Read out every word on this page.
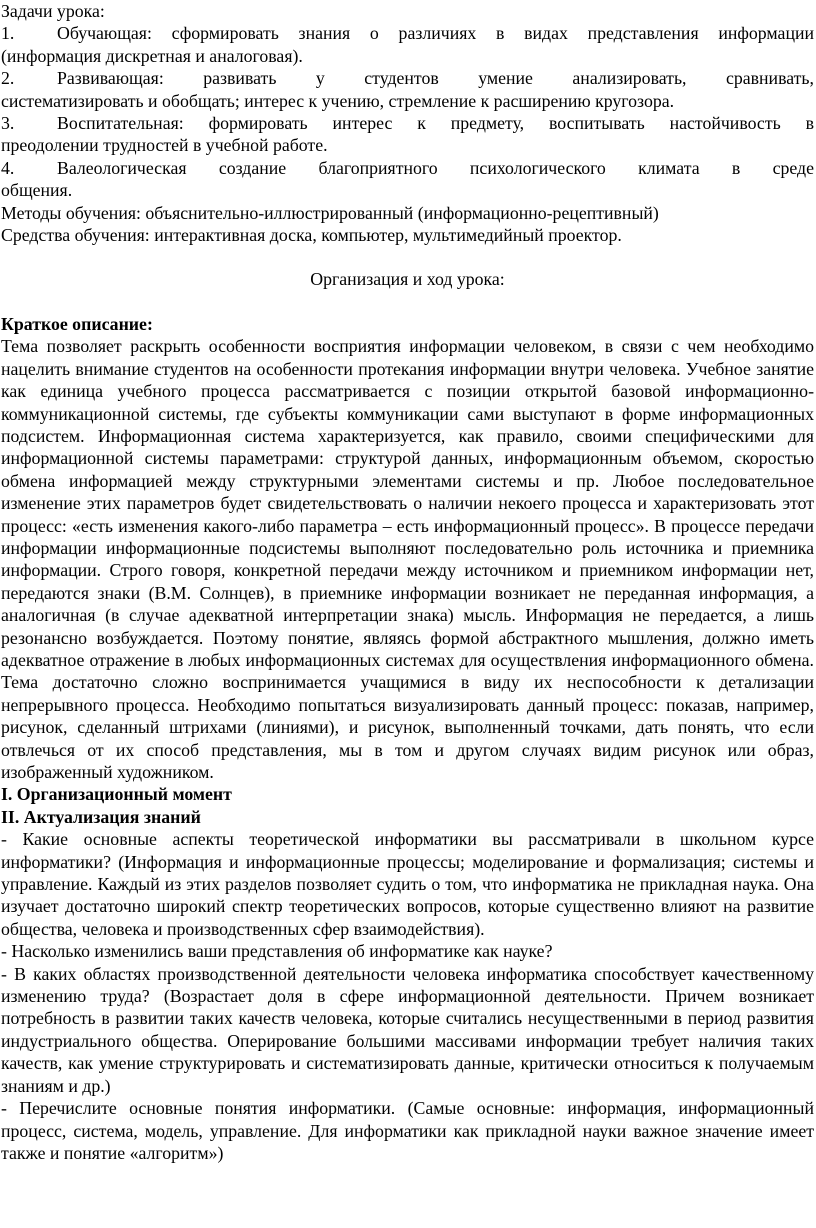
Задачи урока:

1.	Обучающая: сформировать знания о различиях в видах представления информации

(информация дискретная и аналоговая).

2.	Развивающая: развивать у студентов умение анализировать, сравнивать,

систематизировать и обобщать; интерес к учению, стремление к расширению кругозора.

3.	Воспитательная: формировать интерес к предмету, воспитывать настойчивость в

преодолении трудностей в учебной работе.

4.	Валеологическая создание благоприятного психологического климата в среде

общения.

Методы обучения: объяснительно-иллюстрированный (информационно-рецептивный)

Средства обучения: интерактивная доска, компьютер, мультимедийный проектор.

Организация и ход урока:

Краткое описание:

Тема позволяет раскрыть особенности восприятия информации человеком, в связи с чем необходимо нацелить внимание студентов на особенности протекания информации внутри человека. Учебное занятие как единица учебного процесса рассматривается с позиции открытой базовой информационно-коммуникационной системы, где субъекты коммуникации сами выступают в форме информационных подсистем. Информационная система характеризуется, как правило, своими специфическими для информационной системы параметрами: структурой данных, информационным объемом, скоростью обмена информацией между структурными элементами системы и пр. Любое последовательное изменение этих параметров будет свидетельствовать о наличии некоего процесса и характеризовать этот процесс: «есть изменения какого-либо параметра – есть информационный процесс». В процессе передачи информации информационные подсистемы выполняют последовательно роль источника и приемника информации. Строго говоря, конкретной передачи между источником и приемником информации нет, передаются знаки (В.М. Солнцев), в приемнике информации возникает не переданная информация, а аналогичная (в случае адекватной интерпретации знака) мысль. Информация не передается, а лишь резонансно возбуждается. Поэтому понятие, являясь формой абстрактного мышления, должно иметь адекватное отражение в любых информационных системах для осуществления информационного обмена. Тема достаточно сложно воспринимается учащимися в виду их неспособности к детализации непрерывного процесса. Необходимо попытаться визуализировать данный процесс: показав, например, рисунок, сделанный штрихами (линиями), и рисунок, выполненный точками, дать понять, что если отвлечься от их способ представления, мы в том и другом случаях видим рисунок или образ, изображенный художником.

I. Организационный момент

II. Актуализация знаний

- Какие основные аспекты теоретической информатики вы рассматривали в школьном курсе информатики? (Информация и информационные процессы; моделирование и формализация; системы и управление. Каждый из этих разделов позволяет судить о том, что информатика не прикладная наука. Она изучает достаточно широкий спектр теоретических вопросов, которые существенно влияют на развитие общества, человека и производственных сфер взаимодействия).

- Насколько изменились ваши представления об информатике как науке?

- В каких областях производственной деятельности человека информатика способствует качественному изменению труда? (Возрастает доля в сфере информационной деятельности. Причем возникает потребность в развитии таких качеств человека, которые считались несущественными в период развития индустриального общества. Оперирование большими массивами информации требует наличия таких качеств, как умение структурировать и систематизировать данные, критически относиться к получаемым знаниям и др.)

- Перечислите основные понятия информатики. (Самые основные: информация, информационный процесс, система, модель, управление. Для информатики как прикладной науки важное значение имеет также и понятие «алгоритм»)
